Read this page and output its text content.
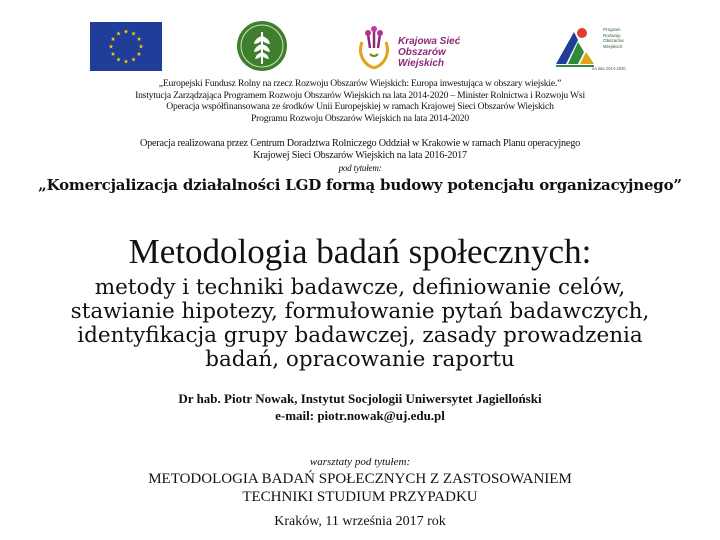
Krajowa Sieć
Obszarów Wiejskich
Program
Rozwoju
Obszarów
Wiejskich
na lata 2014-2020
„Europejski Fundusz Rolny na rzecz Rozwoju Obszarów Wiejskich: Europa inwestująca w obszary wiejskie.”
Instytucja Zarządzająca Programem Rozwoju Obszarów Wiejskich na lata 2014-2020 – Minister Rolnictwa i Rozwoju Wsi
Operacja współfinansowana ze środków Unii Europejskiej w ramach Krajowej Sieci Obszarów Wiejskich
Programu Rozwoju Obszarów Wiejskich na lata 2014-2020
Operacja realizowana przez Centrum Doradztwa Rolniczego Oddział w Krakowie w ramach Planu operacyjnego
Krajowej Sieci Obszarów Wiejskich na lata 2016-2017
pod tytułem:
„Komercjalizacja działalności LGD formą budowy potencjału organizacyjnego”
Metodologia badań społecznych:
metody i techniki badawcze, definiowanie celów,
stawianie hipotezy, formułowanie pytań badawczych,
identyfikacja grupy badawczej, zasady prowadzenia
badań, opracowanie raportu
Dr hab. Piotr Nowak, Instytut Socjologii Uniwersytet Jagielloński
e-mail: piotr.nowak@uj.edu.pl
warsztaty pod tytułem:
METODOLOGIA BADAŃ SPOŁECZNYCH Z ZASTOSOWANIEM
TECHNIKI STUDIUM PRZYPADKU
Kraków, 11 września 2017 rok
